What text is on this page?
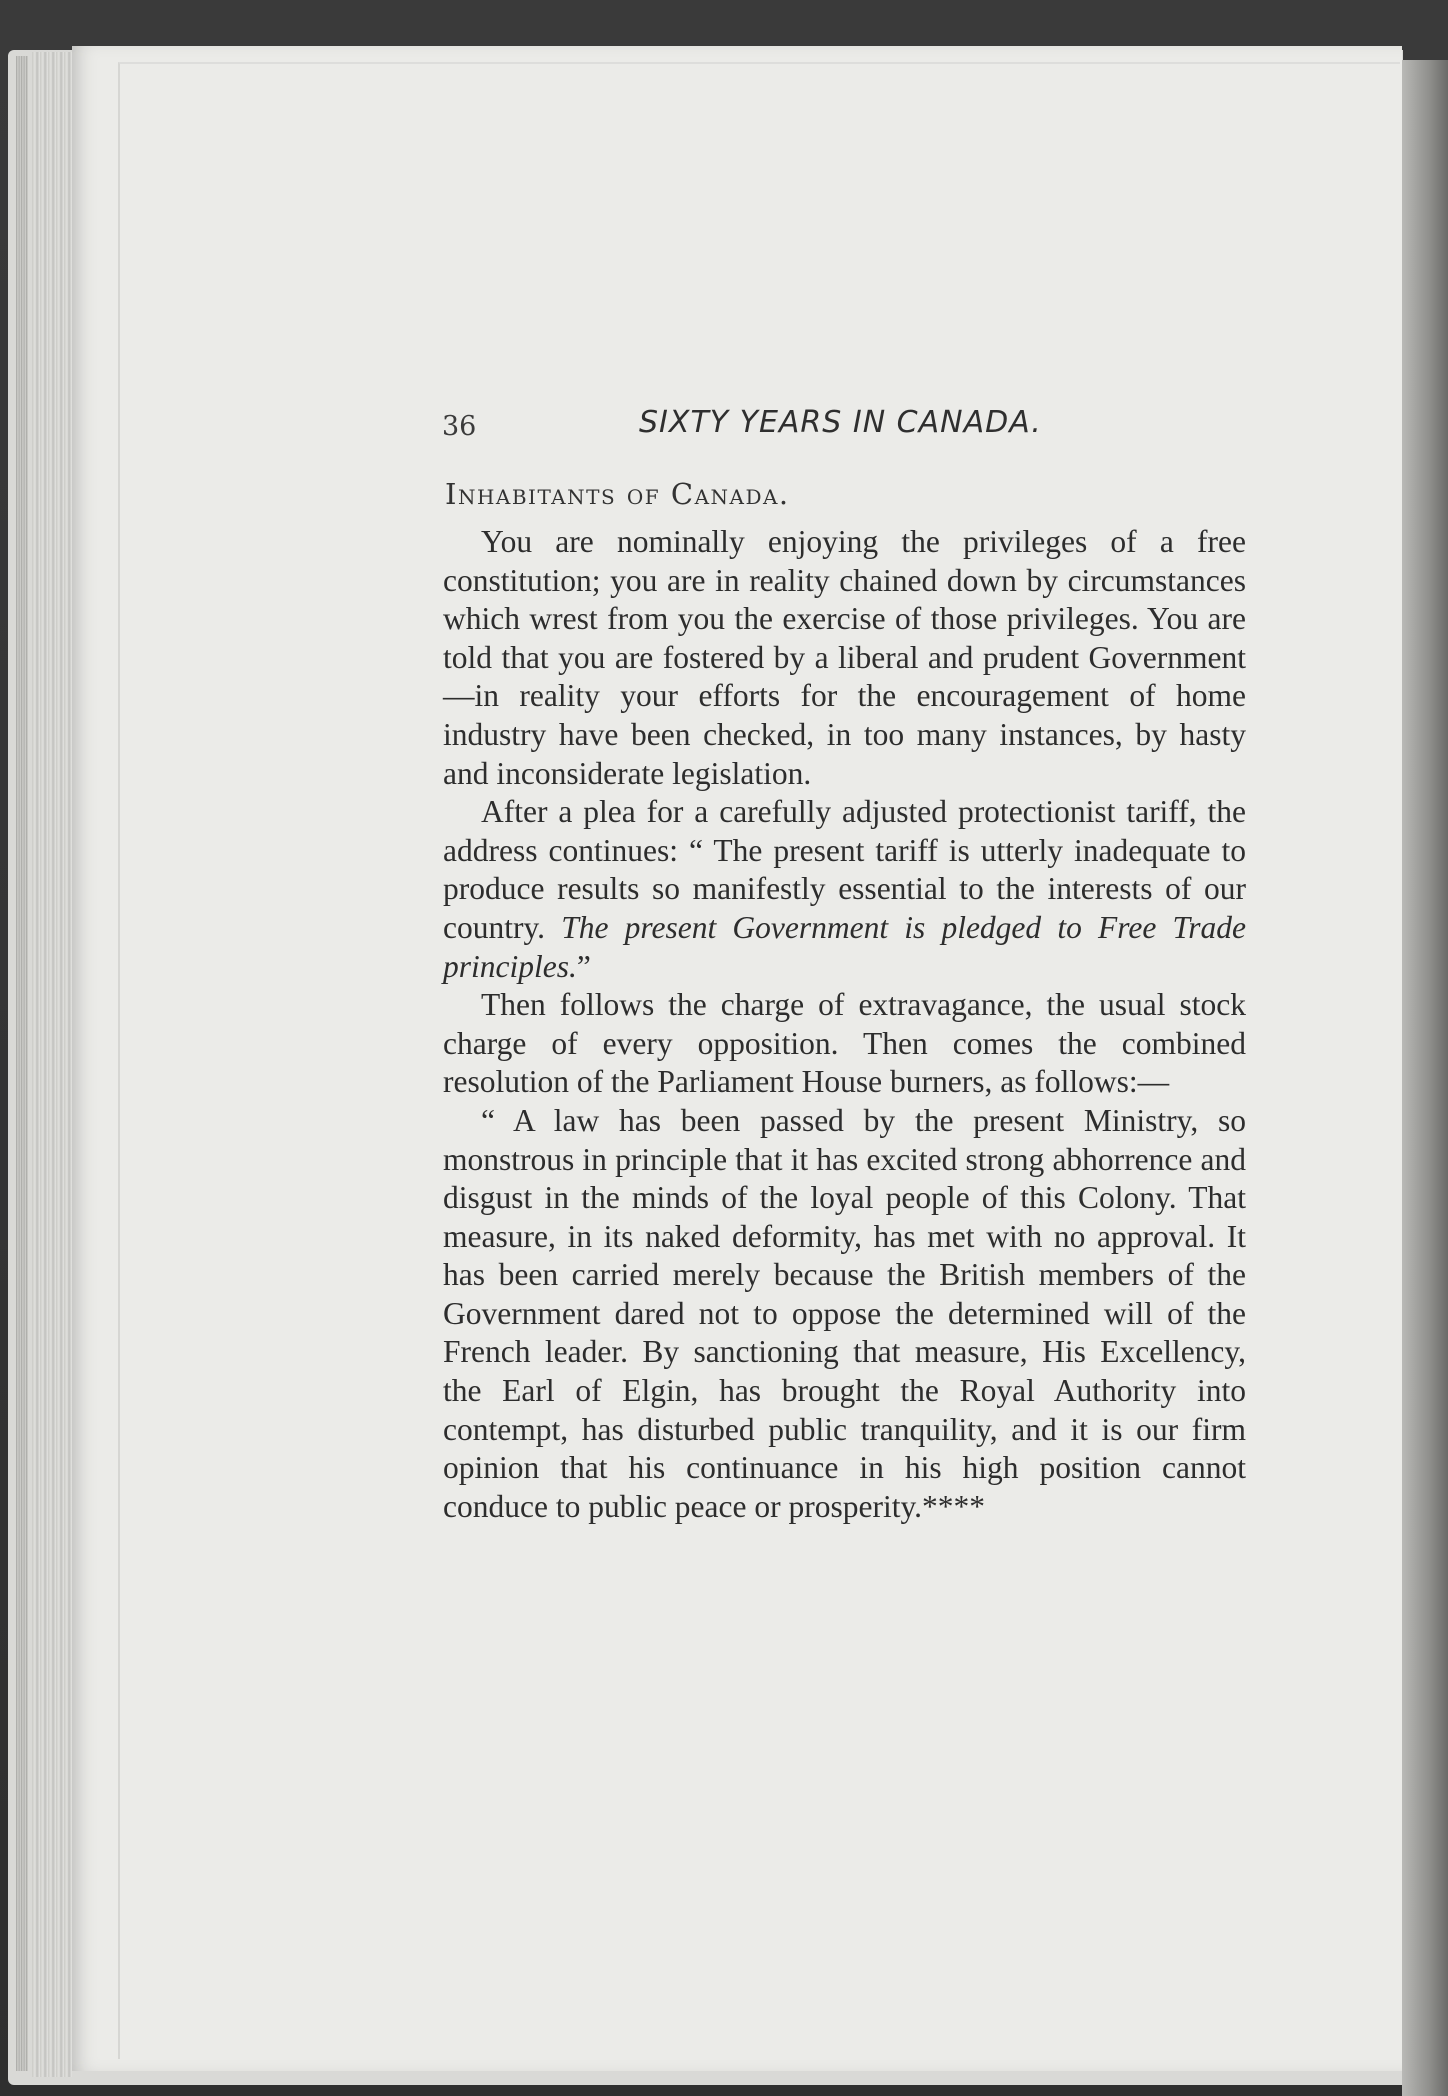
36	SIXTY YEARS IN CANADA.
Inhabitants of Canada.

You are nominally enjoying the privileges of a free constitution; you are in reality chained down by circumstances which wrest from you the exercise of those privileges. You are told that you are fostered by a liberal and prudent Government—in reality your efforts for the encouragement of home industry have been checked, in too many instances, by hasty and inconsiderate legislation.

After a plea for a carefully adjusted protectionist tariff, the address continues: “ The present tariff is utterly inadequate to produce results so manifestly essential to the interests of our country. The present Government is pledged to Free Trade principles.”

Then follows the charge of extravagance, the usual stock charge of every opposition. Then comes the combined resolution of the Parliament House burners, as follows:—

“ A law has been passed by the present Ministry, so monstrous in principle that it has excited strong abhorrence and disgust in the minds of the loyal people of this Colony. That measure, in its naked deformity, has met with no approval. It has been carried merely because the British members of the Government dared not to oppose the determined will of the French leader. By sanctioning that measure, His Excellency, the Earl of Elgin, has brought the Royal Authority into contempt, has disturbed public tranquility, and it is our firm opinion that his continuance in his high position cannot conduce to public peace or prosperity.****
